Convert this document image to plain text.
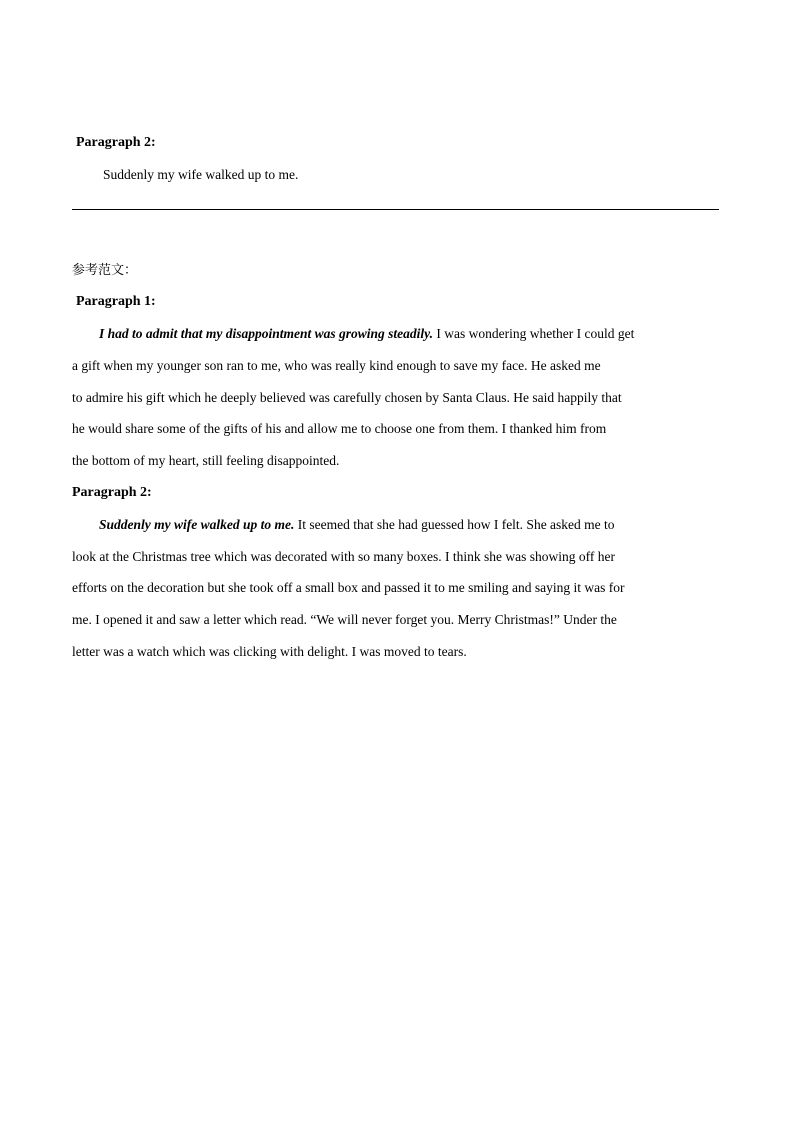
Paragraph 2:
Suddenly my wife walked up to me.
参考范文：
Paragraph 1:
I had to admit that my disappointment was growing steadily. I was wondering whether I could get
a gift when my younger son ran to me, who was really kind enough to save my face. He asked me
to admire his gift which he deeply believed was carefully chosen by Santa Claus. He said happily that
he would share some of the gifts of his and allow me to choose one from them. I thanked him from
the bottom of my heart, still feeling disappointed.
Paragraph 2:
Suddenly my wife walked up to me. It seemed that she had guessed how I felt. She asked me to
look at the Christmas tree which was decorated with so many boxes. I think she was showing off her
efforts on the decoration but she took off a small box and passed it to me smiling and saying it was for
me. I opened it and saw a letter which read. “We will never forget you. Merry Christmas!” Under the
letter was a watch which was clicking with delight. I was moved to tears.
